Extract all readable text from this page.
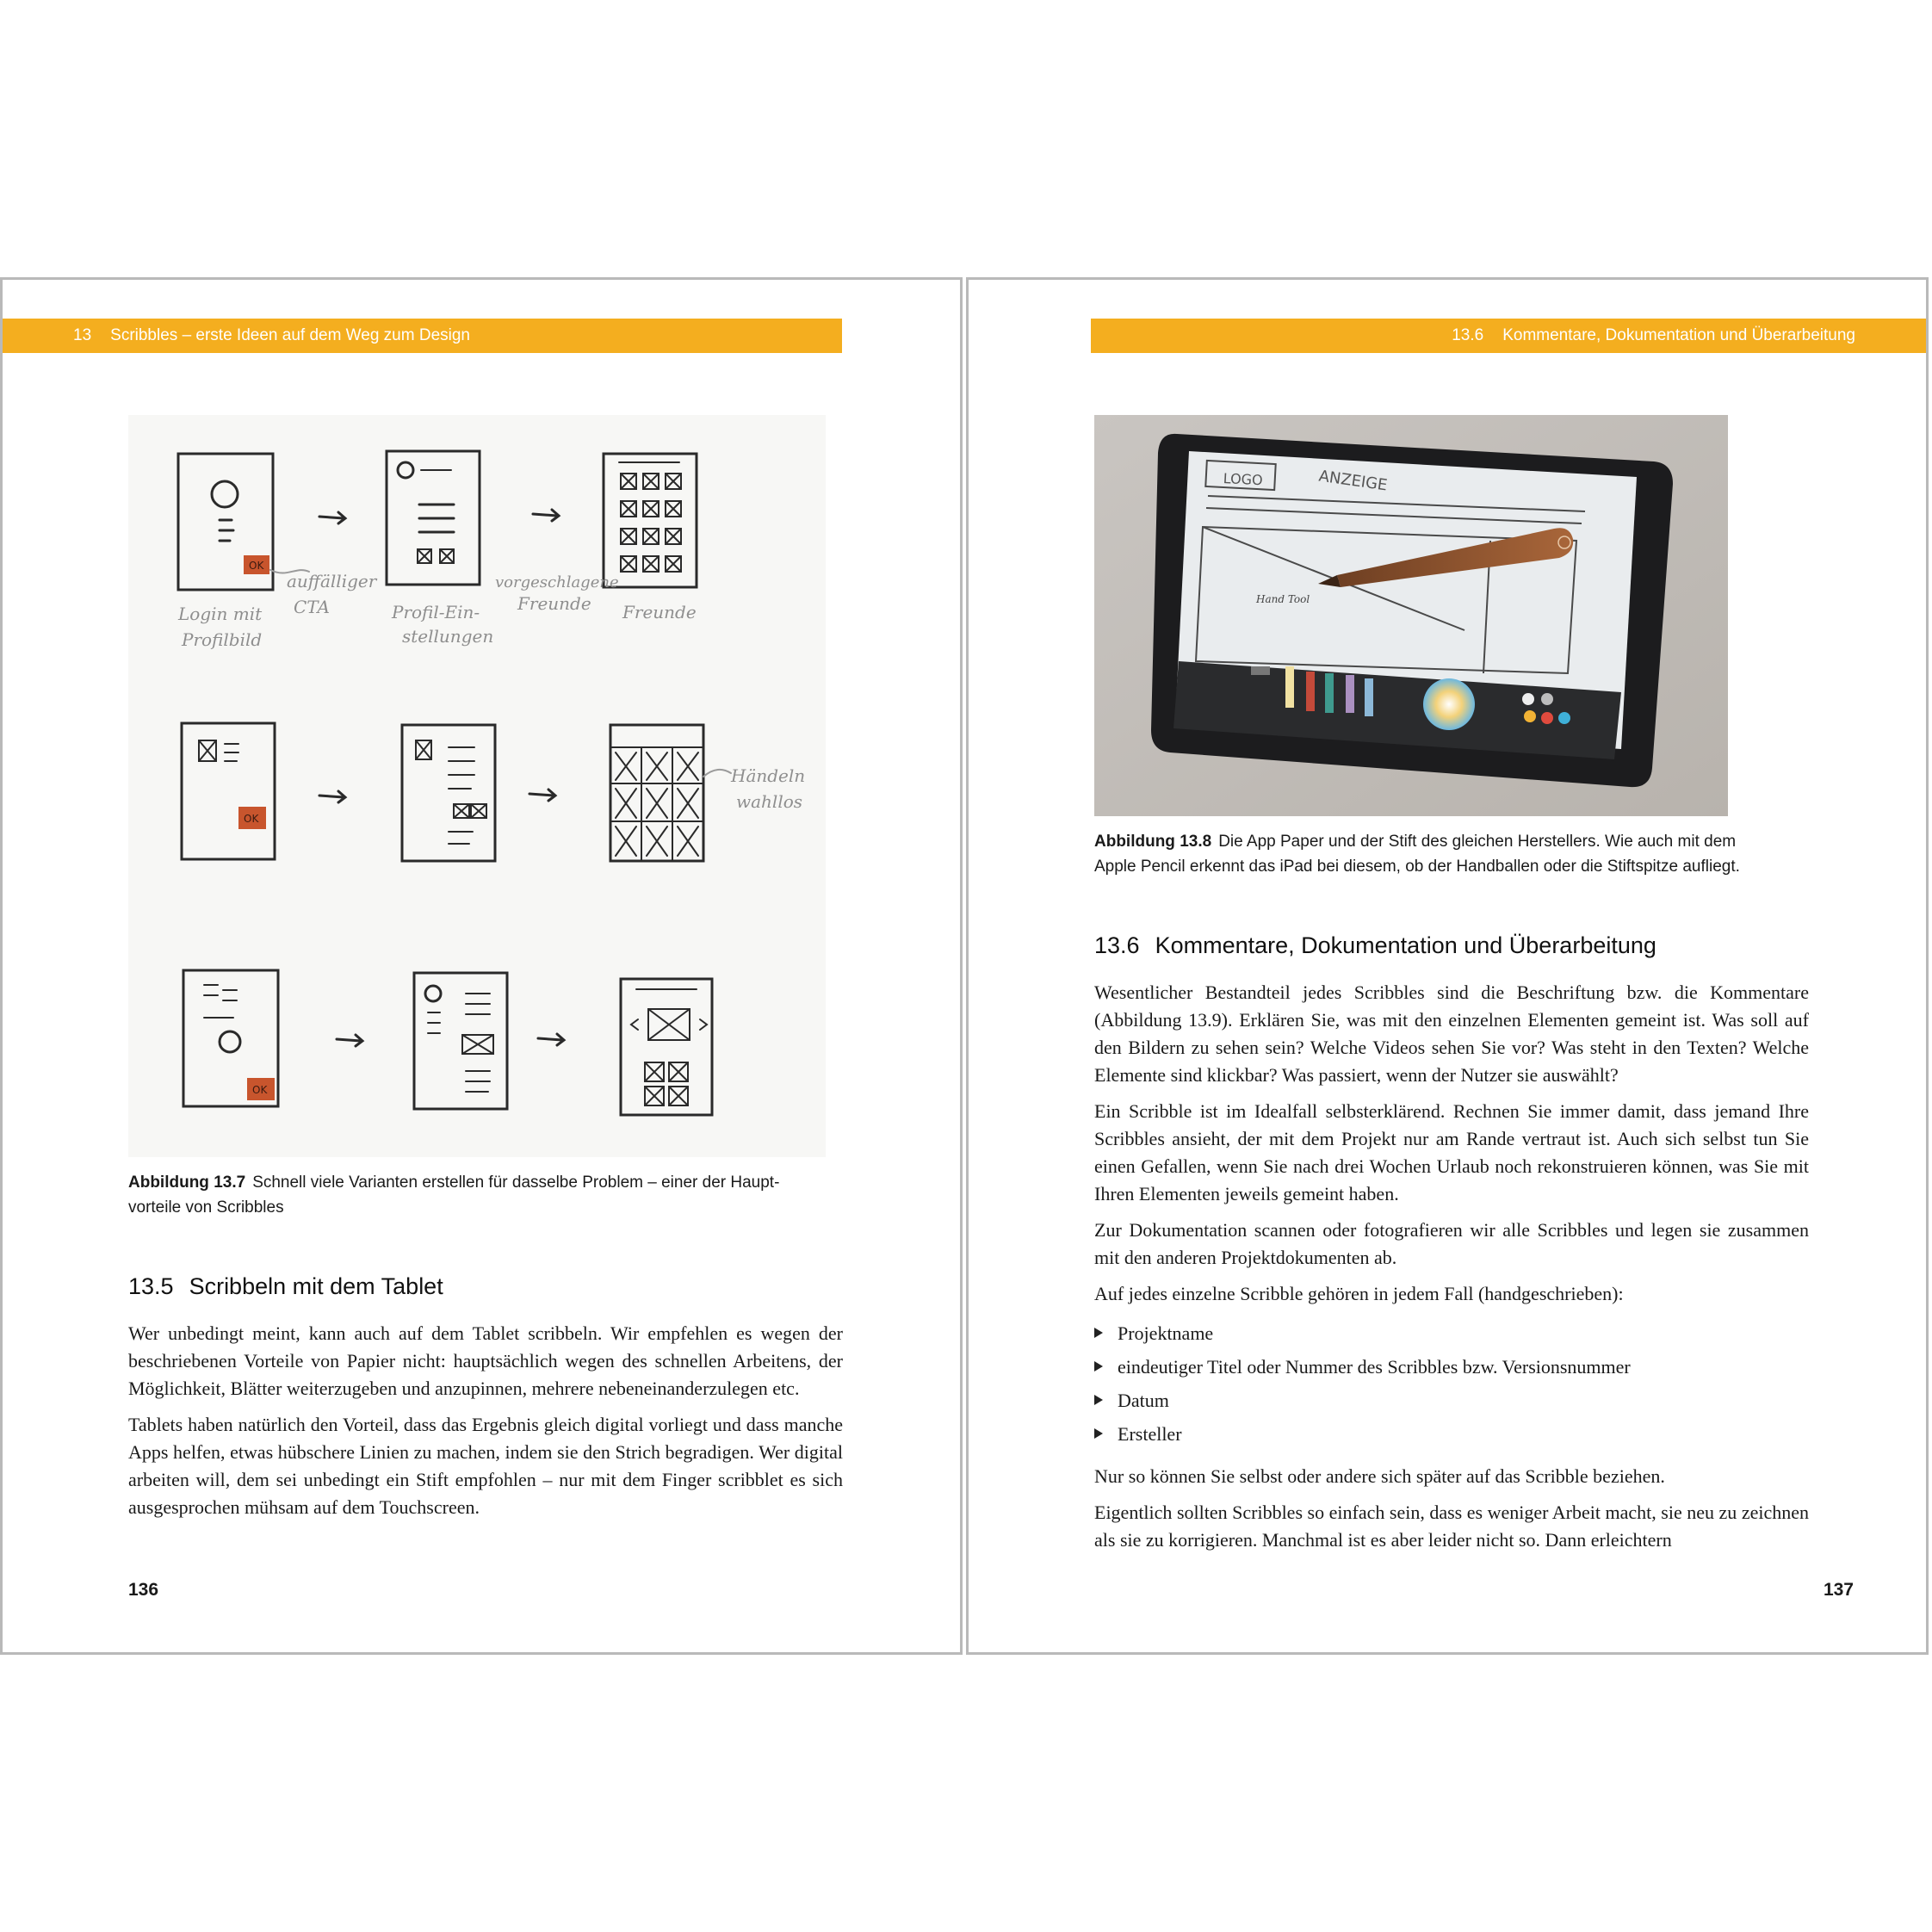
13 Scribbles – erste Ideen auf dem Weg zum Design
auffälliger
CTA
Login mit
Profilbild
Profil-Ein-
stellungen
vorgeschlagene
Freunde Freunde
Händeln
wahllos
OK
OK
OK
Abbildung 13.7 Schnell viele Varianten erstellen für dasselbe Problem – einer der Haupt-
vorteile von Scribbles
13.5 Scribbeln mit dem Tablet

Wer unbedingt meint, kann auch auf dem Tablet scribbeln. Wir empfehlen es wegen der beschriebenen Vorteile von Papier nicht: hauptsächlich wegen des schnellen Arbeitens, der Möglichkeit, Blätter weiterzugeben und anzupinnen, mehrere nebeneinanderzulegen etc.

Tablets haben natürlich den Vorteil, dass das Ergebnis gleich digital vorliegt und dass manche Apps helfen, etwas hübschere Linien zu machen, indem sie den Strich begradigen. Wer digital arbeiten will, dem sei unbedingt ein Stift empfohlen – nur mit dem Finger scribblet es sich ausgesprochen mühsam auf dem Touchscreen.

136
13.6 Kommentare, Dokumentation und Überarbeitung
LOGO	ANZEIGE
Hand Tool
Abbildung 13.8 Die App Paper und der Stift des gleichen Herstellers. Wie auch mit dem
Apple Pencil erkennt das iPad bei diesem, ob der Handballen oder die Stiftspitze aufliegt.
13.6 Kommentare, Dokumentation und Überarbeitung

Wesentlicher Bestandteil jedes Scribbles sind die Beschriftung bzw. die Kommentare (Abbildung 13.9). Erklären Sie, was mit den einzelnen Elementen gemeint ist. Was soll auf den Bildern zu sehen sein? Welche Videos sehen Sie vor? Was steht in den Texten? Welche Elemente sind klickbar? Was passiert, wenn der Nutzer sie auswählt?

Ein Scribble ist im Idealfall selbsterklärend. Rechnen Sie immer damit, dass jemand Ihre Scribbles ansieht, der mit dem Projekt nur am Rande vertraut ist. Auch sich selbst tun Sie einen Gefallen, wenn Sie nach drei Wochen Urlaub noch rekonstruieren können, was Sie mit Ihren Elementen jeweils gemeint haben.

Zur Dokumentation scannen oder fotografieren wir alle Scribbles und legen sie zusammen mit den anderen Projektdokumenten ab.

Auf jedes einzelne Scribble gehören in jedem Fall (handgeschrieben):

Projektname
eindeutiger Titel oder Nummer des Scribbles bzw. Versionsnummer
Datum
Ersteller

Nur so können Sie selbst oder andere sich später auf das Scribble beziehen.

Eigentlich sollten Scribbles so einfach sein, dass es weniger Arbeit macht, sie neu zu zeichnen als sie zu korrigieren. Manchmal ist es aber leider nicht so. Dann erleichtern

137
